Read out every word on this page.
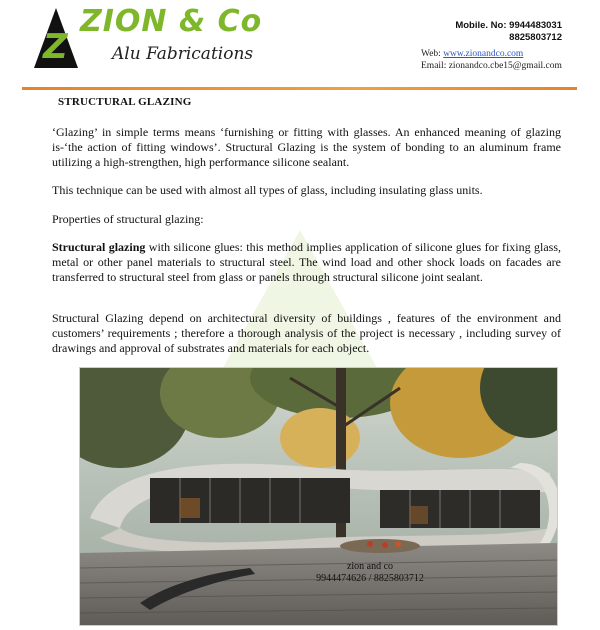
Z
ZION & Co
Alu Fabrications
Mobile. No: 9944483031
8825803712
Web: www.zionandco.com
Email: zionandco.cbe15@gmail.com
STRUCTURAL GLAZING
‘Glazing’ in simple terms means ‘furnishing or fitting with glasses. An enhanced meaning of glazing is-‘the action of fitting windows’. Structural Glazing is the system of bonding to an aluminum frame utilizing a high-strengthen, high performance silicone sealant.
This technique can be used with almost all types of glass, including insulating glass units.
Properties of structural glazing:
Structural glazing with silicone glues: this method implies application of silicone glues for fixing glass, metal or other panel materials to structural steel. The wind load and other shock loads on facades are transferred to structural steel from glass or panels through structural silicone joint sealant.
Structural Glazing depend on architectural diversity of buildings , features of the environment and customers’ requirements ; therefore a thorough analysis of the project is necessary , including survey of drawings and approval of substrates and materials for each object.
zion and co
9944474626 / 8825803712
